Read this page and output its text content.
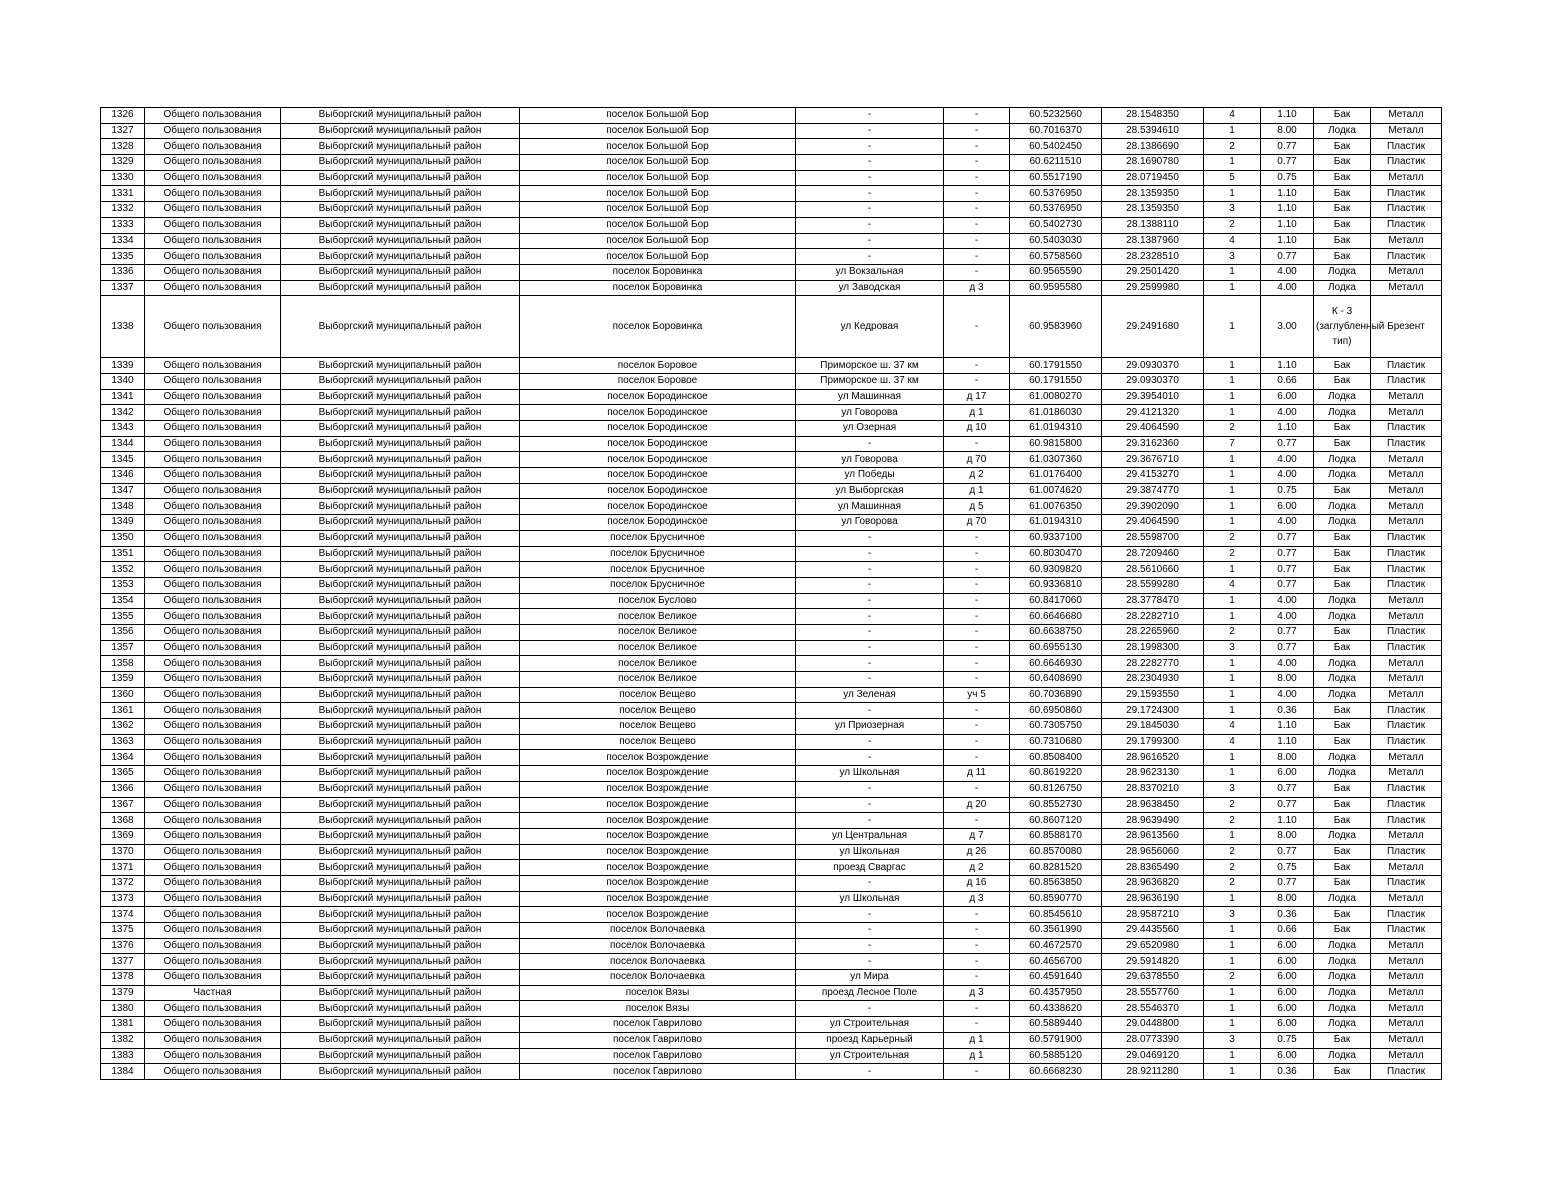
1326	Общего пользования	Выборгский муниципальный район	поселок Большой Бор	-	-	60.5232560	28.1548350	4	1.10	Бак	Металл
1327	Общего пользования	Выборгский муниципальный район	поселок Большой Бор	-	-	60.7016370	28.5394610	1	8.00	Лодка	Металл
1328	Общего пользования	Выборгский муниципальный район	поселок Большой Бор	-	-	60.5402450	28.1386690	2	0.77	Бак	Пластик
1329	Общего пользования	Выборгский муниципальный район	поселок Большой Бор	-	-	60.6211510	28.1690780	1	0.77	Бак	Пластик
1330	Общего пользования	Выборгский муниципальный район	поселок Большой Бор	-	-	60.5517190	28.0719450	5	0.75	Бак	Металл
1331	Общего пользования	Выборгский муниципальный район	поселок Большой Бор	-	-	60.5376950	28.1359350	1	1.10	Бак	Пластик
1332	Общего пользования	Выборгский муниципальный район	поселок Большой Бор	-	-	60.5376950	28.1359350	3	1.10	Бак	Пластик
1333	Общего пользования	Выборгский муниципальный район	поселок Большой Бор	-	-	60.5402730	28.1388110	2	1.10	Бак	Пластик
1334	Общего пользования	Выборгский муниципальный район	поселок Большой Бор	-	-	60.5403030	28.1387960	4	1.10	Бак	Металл
1335	Общего пользования	Выборгский муниципальный район	поселок Большой Бор	-	-	60.5758560	28.2328510	3	0.77	Бак	Пластик
1336	Общего пользования	Выборгский муниципальный район	поселок Боровинка	ул Вокзальная	-	60.9565590	29.2501420	1	4.00	Лодка	Металл
1337	Общего пользования	Выборгский муниципальный район	поселок Боровинка	ул Заводская	д 3	60.9595580	29.2599980	1	4.00	Лодка	Металл
1338	Общего пользования	Выборгский муниципальный район	поселок Боровинка	ул Кедровая	-	60.9583960	29.2491680	1	3.00	К - 3 (заглубленный тип)	Брезент
1339	Общего пользования	Выборгский муниципальный район	поселок Боровое	Приморское ш. 37 км	-	60.1791550	29.0930370	1	1.10	Бак	Пластик
1340	Общего пользования	Выборгский муниципальный район	поселок Боровое	Приморское ш. 37 км	-	60.1791550	29.0930370	1	0.66	Бак	Пластик
1341	Общего пользования	Выборгский муниципальный район	поселок Бородинское	ул Машинная	д 17	61.0080270	29.3954010	1	6.00	Лодка	Металл
1342	Общего пользования	Выборгский муниципальный район	поселок Бородинское	ул Говорова	д 1	61.0186030	29.4121320	1	4.00	Лодка	Металл
1343	Общего пользования	Выборгский муниципальный район	поселок Бородинское	ул Озерная	д 10	61.0194310	29.4064590	2	1.10	Бак	Пластик
1344	Общего пользования	Выборгский муниципальный район	поселок Бородинское	-	-	60.9815800	29.3162360	7	0.77	Бак	Пластик
1345	Общего пользования	Выборгский муниципальный район	поселок Бородинское	ул Говорова	д 70	61.0307360	29.3676710	1	4.00	Лодка	Металл
1346	Общего пользования	Выборгский муниципальный район	поселок Бородинское	ул Победы	д 2	61.0176400	29.4153270	1	4.00	Лодка	Металл
1347	Общего пользования	Выборгский муниципальный район	поселок Бородинское	ул Выборгская	д 1	61.0074620	29.3874770	1	0.75	Бак	Металл
1348	Общего пользования	Выборгский муниципальный район	поселок Бородинское	ул Машинная	д 5	61.0076350	29.3902090	1	6.00	Лодка	Металл
1349	Общего пользования	Выборгский муниципальный район	поселок Бородинское	ул Говорова	д 70	61.0194310	29.4064590	1	4.00	Лодка	Металл
1350	Общего пользования	Выборгский муниципальный район	поселок Брусничное	-	-	60.9337100	28.5598700	2	0.77	Бак	Пластик
1351	Общего пользования	Выборгский муниципальный район	поселок Брусничное	-	-	60.8030470	28.7209460	2	0.77	Бак	Пластик
1352	Общего пользования	Выборгский муниципальный район	поселок Брусничное	-	-	60.9309820	28.5610660	1	0.77	Бак	Пластик
1353	Общего пользования	Выборгский муниципальный район	поселок Брусничное	-	-	60.9336810	28.5599280	4	0.77	Бак	Пластик
1354	Общего пользования	Выборгский муниципальный район	поселок Буслово	-	-	60.8417060	28.3778470	1	4.00	Лодка	Металл
1355	Общего пользования	Выборгский муниципальный район	поселок Великое	-	-	60.6646680	28.2282710	1	4.00	Лодка	Металл
1356	Общего пользования	Выборгский муниципальный район	поселок Великое	-	-	60.6638750	28.2265960	2	0.77	Бак	Пластик
1357	Общего пользования	Выборгский муниципальный район	поселок Великое	-	-	60.6955130	28.1998300	3	0.77	Бак	Пластик
1358	Общего пользования	Выборгский муниципальный район	поселок Великое	-	-	60.6646930	28.2282770	1	4.00	Лодка	Металл
1359	Общего пользования	Выборгский муниципальный район	поселок Великое	-	-	60.6408690	28.2304930	1	8.00	Лодка	Металл
1360	Общего пользования	Выборгский муниципальный район	поселок Вещево	ул Зеленая	уч 5	60.7036890	29.1593550	1	4.00	Лодка	Металл
1361	Общего пользования	Выборгский муниципальный район	поселок Вещево	-	-	60.6950860	29.1724300	1	0.36	Бак	Пластик
1362	Общего пользования	Выборгский муниципальный район	поселок Вещево	ул Приозерная	-	60.7305750	29.1845030	4	1.10	Бак	Пластик
1363	Общего пользования	Выборгский муниципальный район	поселок Вещево	-	-	60.7310680	29.1799300	4	1.10	Бак	Пластик
1364	Общего пользования	Выборгский муниципальный район	поселок Возрождение	-	-	60.8508400	28.9616520	1	8.00	Лодка	Металл
1365	Общего пользования	Выборгский муниципальный район	поселок Возрождение	ул Школьная	д 11	60.8619220	28.9623130	1	6.00	Лодка	Металл
1366	Общего пользования	Выборгский муниципальный район	поселок Возрождение	-	-	60.8126750	28.8370210	3	0.77	Бак	Пластик
1367	Общего пользования	Выборгский муниципальный район	поселок Возрождение	-	д 20	60.8552730	28.9638450	2	0.77	Бак	Пластик
1368	Общего пользования	Выборгский муниципальный район	поселок Возрождение	-	-	60.8607120	28.9639490	2	1.10	Бак	Пластик
1369	Общего пользования	Выборгский муниципальный район	поселок Возрождение	ул Центральная	д 7	60.8588170	28.9613560	1	8.00	Лодка	Металл
1370	Общего пользования	Выборгский муниципальный район	поселок Возрождение	ул Школьная	д 26	60.8570080	28.9656060	2	0.77	Бак	Пластик
1371	Общего пользования	Выборгский муниципальный район	поселок Возрождение	проезд Сваргас	д 2	60.8281520	28.8365490	2	0.75	Бак	Металл
1372	Общего пользования	Выборгский муниципальный район	поселок Возрождение	-	д 16	60.8563850	28.9636820	2	0.77	Бак	Пластик
1373	Общего пользования	Выборгский муниципальный район	поселок Возрождение	ул Школьная	д 3	60.8590770	28.9636190	1	8.00	Лодка	Металл
1374	Общего пользования	Выборгский муниципальный район	поселок Возрождение	-	-	60.8545610	28.9587210	3	0.36	Бак	Пластик
1375	Общего пользования	Выборгский муниципальный район	поселок Волочаевка	-	-	60.3561990	29.4435560	1	0.66	Бак	Пластик
1376	Общего пользования	Выборгский муниципальный район	поселок Волочаевка	-	-	60.4672570	29.6520980	1	6.00	Лодка	Металл
1377	Общего пользования	Выборгский муниципальный район	поселок Волочаевка	-	-	60.4656700	29.5914820	1	6.00	Лодка	Металл
1378	Общего пользования	Выборгский муниципальный район	поселок Волочаевка	ул Мира	-	60.4591640	29.6378550	2	6.00	Лодка	Металл
1379	Частная	Выборгский муниципальный район	поселок Вязы	проезд Лесное Поле	д 3	60.4357950	28.5557760	1	6.00	Лодка	Металл
1380	Общего пользования	Выборгский муниципальный район	поселок Вязы	-	-	60.4338620	28.5546370	1	6.00	Лодка	Металл
1381	Общего пользования	Выборгский муниципальный район	поселок Гаврилово	ул Строительная	-	60.5889440	29.0448800	1	6.00	Лодка	Металл
1382	Общего пользования	Выборгский муниципальный район	поселок Гаврилово	проезд Карьерный	д 1	60.5791900	28.0773390	3	0.75	Бак	Металл
1383	Общего пользования	Выборгский муниципальный район	поселок Гаврилово	ул Строительная	д 1	60.5885120	29.0469120	1	6.00	Лодка	Металл
1384	Общего пользования	Выборгский муниципальный район	поселок Гаврилово	-	-	60.6668230	28.9211280	1	0.36	Бак	Пластик
